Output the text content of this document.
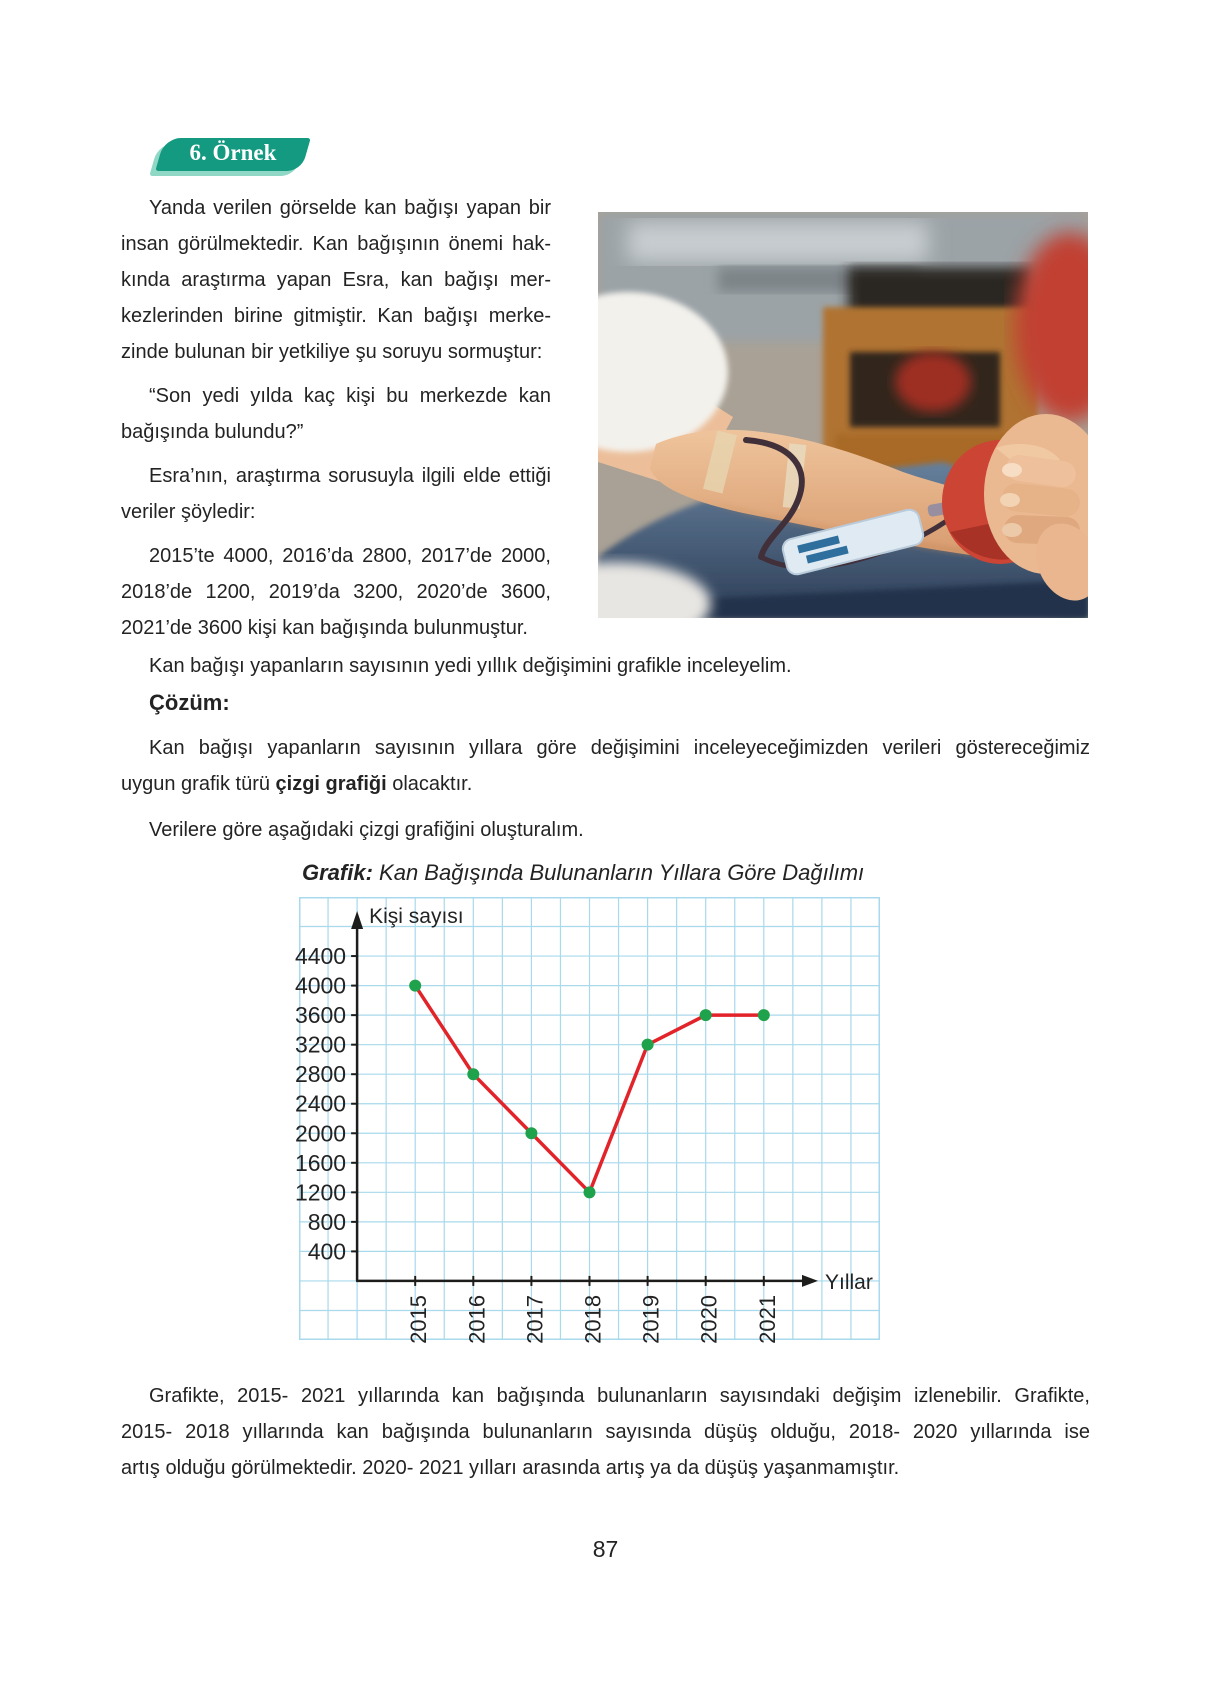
6. Örnek
Yanda verilen görselde kan bağışı yapan bir
insan görülmektedir. Kan bağışının önemi hak-
kında araştırma yapan Esra, kan bağışı mer-
kezlerinden birine gitmiştir. Kan bağışı merke-
zinde bulunan bir yetkiliye şu soruyu sormuştur:
“Son yedi yılda kaç kişi bu merkezde kan
bağışında bulundu?”
Esra’nın, araştırma sorusuyla ilgili elde ettiği
veriler şöyledir:
2015’te 4000, 2016’da 2800, 2017’de 2000,
2018’de 1200, 2019’da 3200, 2020’de 3600,
2021’de 3600 kişi kan bağışında bulunmuştur.
Kan bağışı yapanların sayısının yedi yıllık değişimini grafikle inceleyelim.
Çözüm:
Kan bağışı yapanların sayısının yıllara göre değişimini inceleyeceğimizden verileri göstereceğimiz
uygun grafik türü çizgi grafiği olacaktır.
Verilere göre aşağıdaki çizgi grafiğini oluşturalım.
Grafik: Kan Bağışında Bulunanların Yıllara Göre Dağılımı
400
800
1200
1600
2000
2400
2800
3200
3600
4000
4400
2015 2016 2017 2018 2019 2020 2021
Kişi sayısı
Yıllar
Grafikte, 2015- 2021 yıllarında kan bağışında bulunanların sayısındaki değişim izlenebilir. Grafikte,
2015- 2018 yıllarında kan bağışında bulunanların sayısında düşüş olduğu, 2018- 2020 yıllarında ise
artış olduğu görülmektedir. 2020- 2021 yılları arasında artış ya da düşüş yaşanmamıştır.
87
